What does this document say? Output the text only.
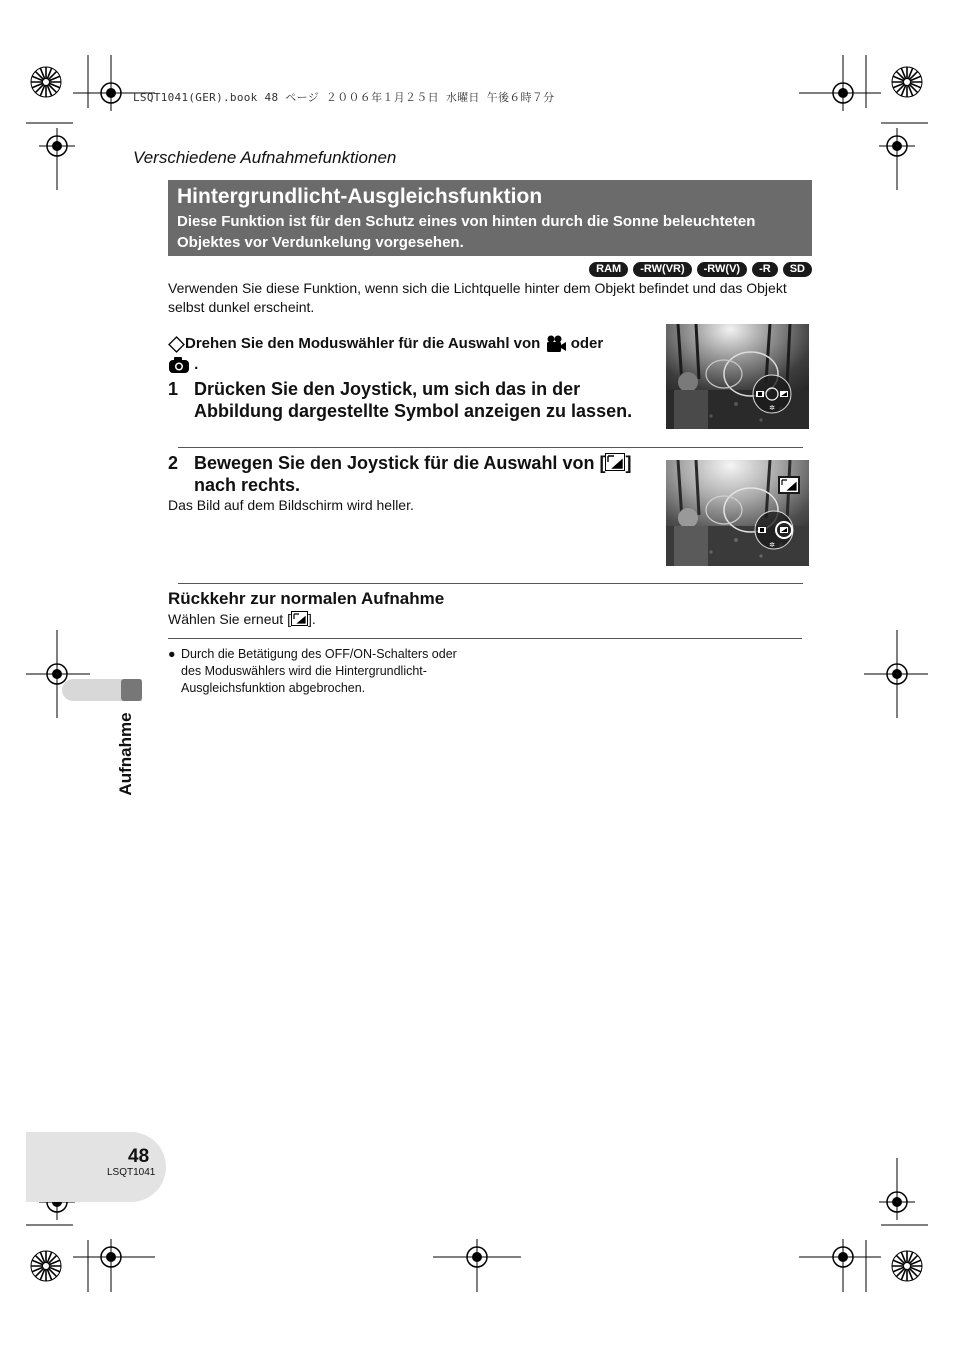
LSQT1041(GER).book 48 ページ ２００６年１月２５日 水曜日 午後６時７分
Verschiedene Aufnahmefunktionen
Hintergrundlicht-Ausgleichsfunktion
Diese Funktion ist für den Schutz eines von hinten durch die Sonne beleuchteten Objektes vor Verdunkelung vorgesehen.
RAM	-RW(VR)	-RW(V)	-R	SD
Verwenden Sie diese Funktion, wenn sich die Lichtquelle hinter dem Objekt befindet und das Objekt selbst dunkel erscheint.
Drehen Sie den Moduswähler für die Auswahl von oder
.
1 Drücken Sie den Joystick, um sich das in der Abbildung dargestellte Symbol anzeigen zu lassen.	✲
2 Bewegen Sie den Joystick für die Auswahl von [ ] nach rechts.
Das Bild auf dem Bildschirm wird heller.
✲
Rückkehr zur normalen Aufnahme
Wählen Sie erneut [ ].
● Durch die Betätigung des OFF/ON-Schalters oder des Moduswählers wird die Hintergrundlicht-Ausgleichsfunktion abgebrochen.
Aufnahme
48
LSQT1041
